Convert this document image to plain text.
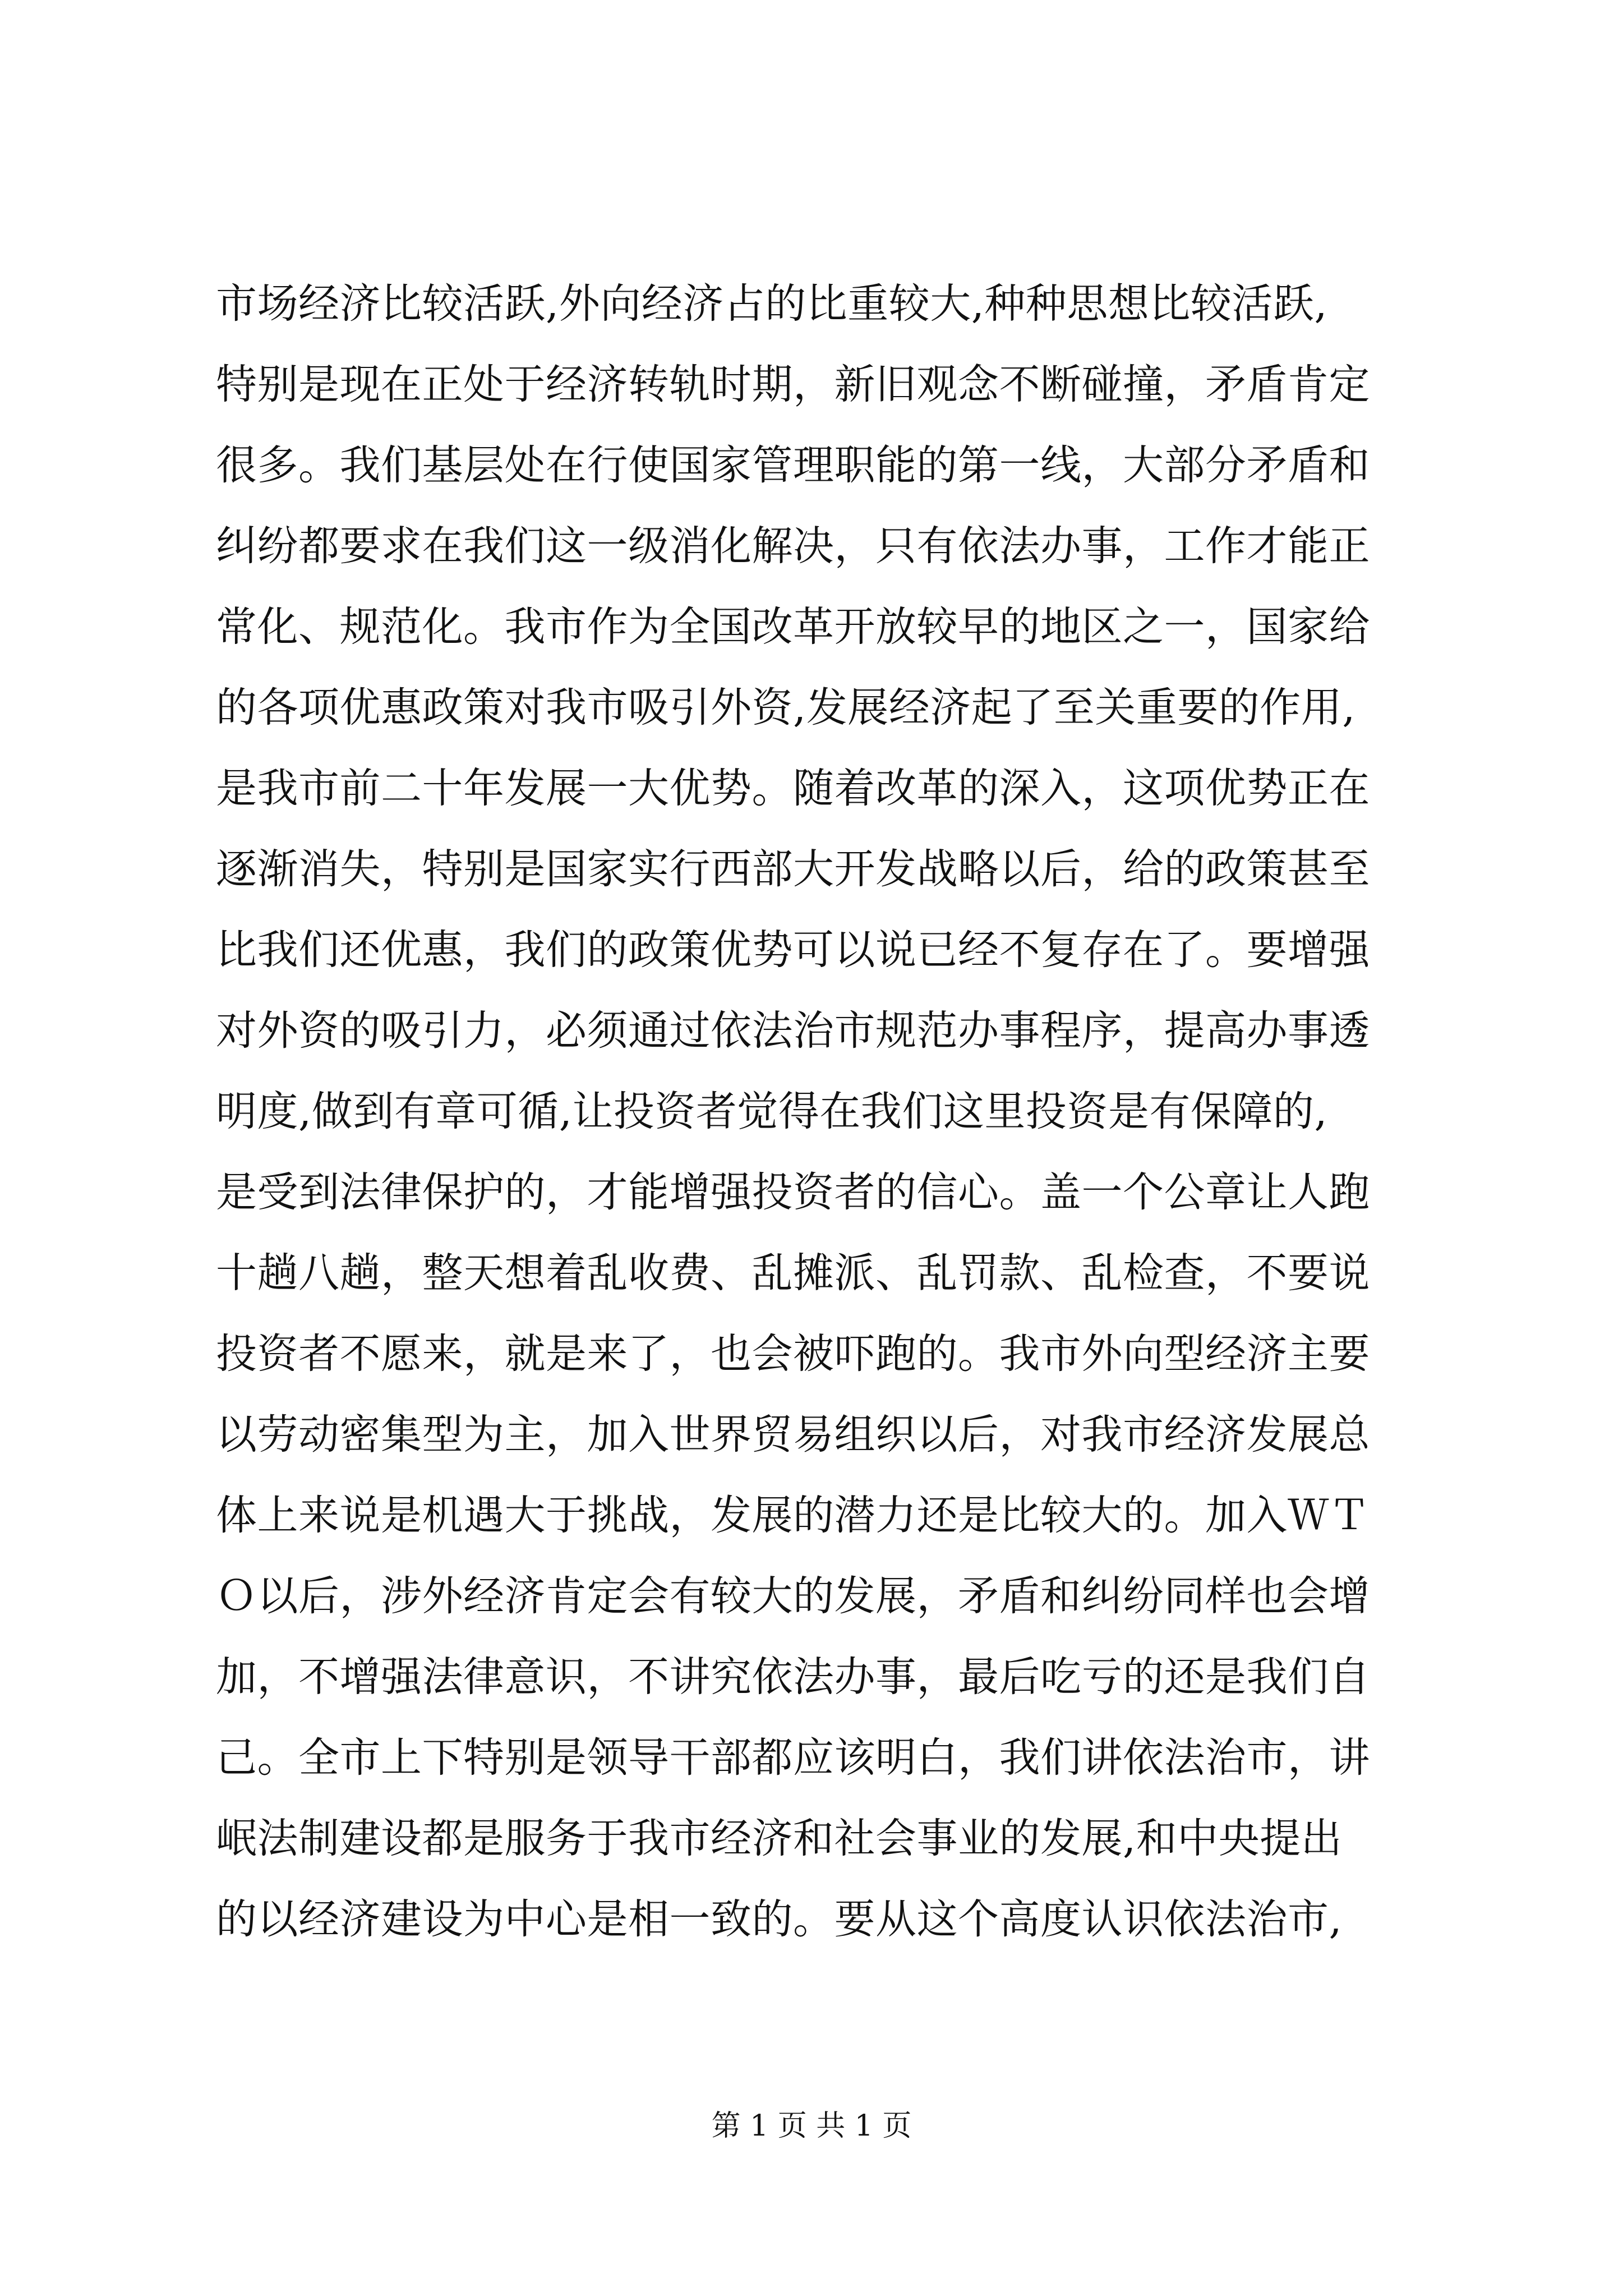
市场经济比较活跃,外向经济占的比重较大,种种思想比较活跃,
特别是现在正处于经济转轨时期，新旧观念不断碰撞，矛盾肯定
很多。我们基层处在行使国家管理职能的第一线，大部分矛盾和
纠纷都要求在我们这一级消化解决，只有依法办事，工作才能正
常化、规范化。我市作为全国改革开放较早的地区之一，国家给
的各项优惠政策对我市吸引外资,发展经济起了至关重要的作用,
是我市前二十年发展一大优势。随着改革的深入，这项优势正在
逐渐消失，特别是国家实行西部大开发战略以后，给的政策甚至
比我们还优惠，我们的政策优势可以说已经不复存在了。要增强
对外资的吸引力，必须通过依法治市规范办事程序，提高办事透
明度,做到有章可循,让投资者觉得在我们这里投资是有保障的,
是受到法律保护的，才能增强投资者的信心。盖一个公章让人跑
十趟八趟，整天想着乱收费、乱摊派、乱罚款、乱检查，不要说
投资者不愿来，就是来了，也会被吓跑的。我市外向型经济主要
以劳动密集型为主，加入世界贸易组织以后，对我市经济发展总
体上来说是机遇大于挑战，发展的潜力还是比较大的。加入ＷＴ
Ｏ以后，涉外经济肯定会有较大的发展，矛盾和纠纷同样也会增
加，不增强法律意识，不讲究依法办事，最后吃亏的还是我们自
己。全市上下特别是领导干部都应该明白，我们讲依法治市，讲
岷法制建设都是服务于我市经济和社会事业的发展,和中央提出
的以经济建设为中心是相一致的。要从这个高度认识依法治市,
第 1 页 共 1 页
